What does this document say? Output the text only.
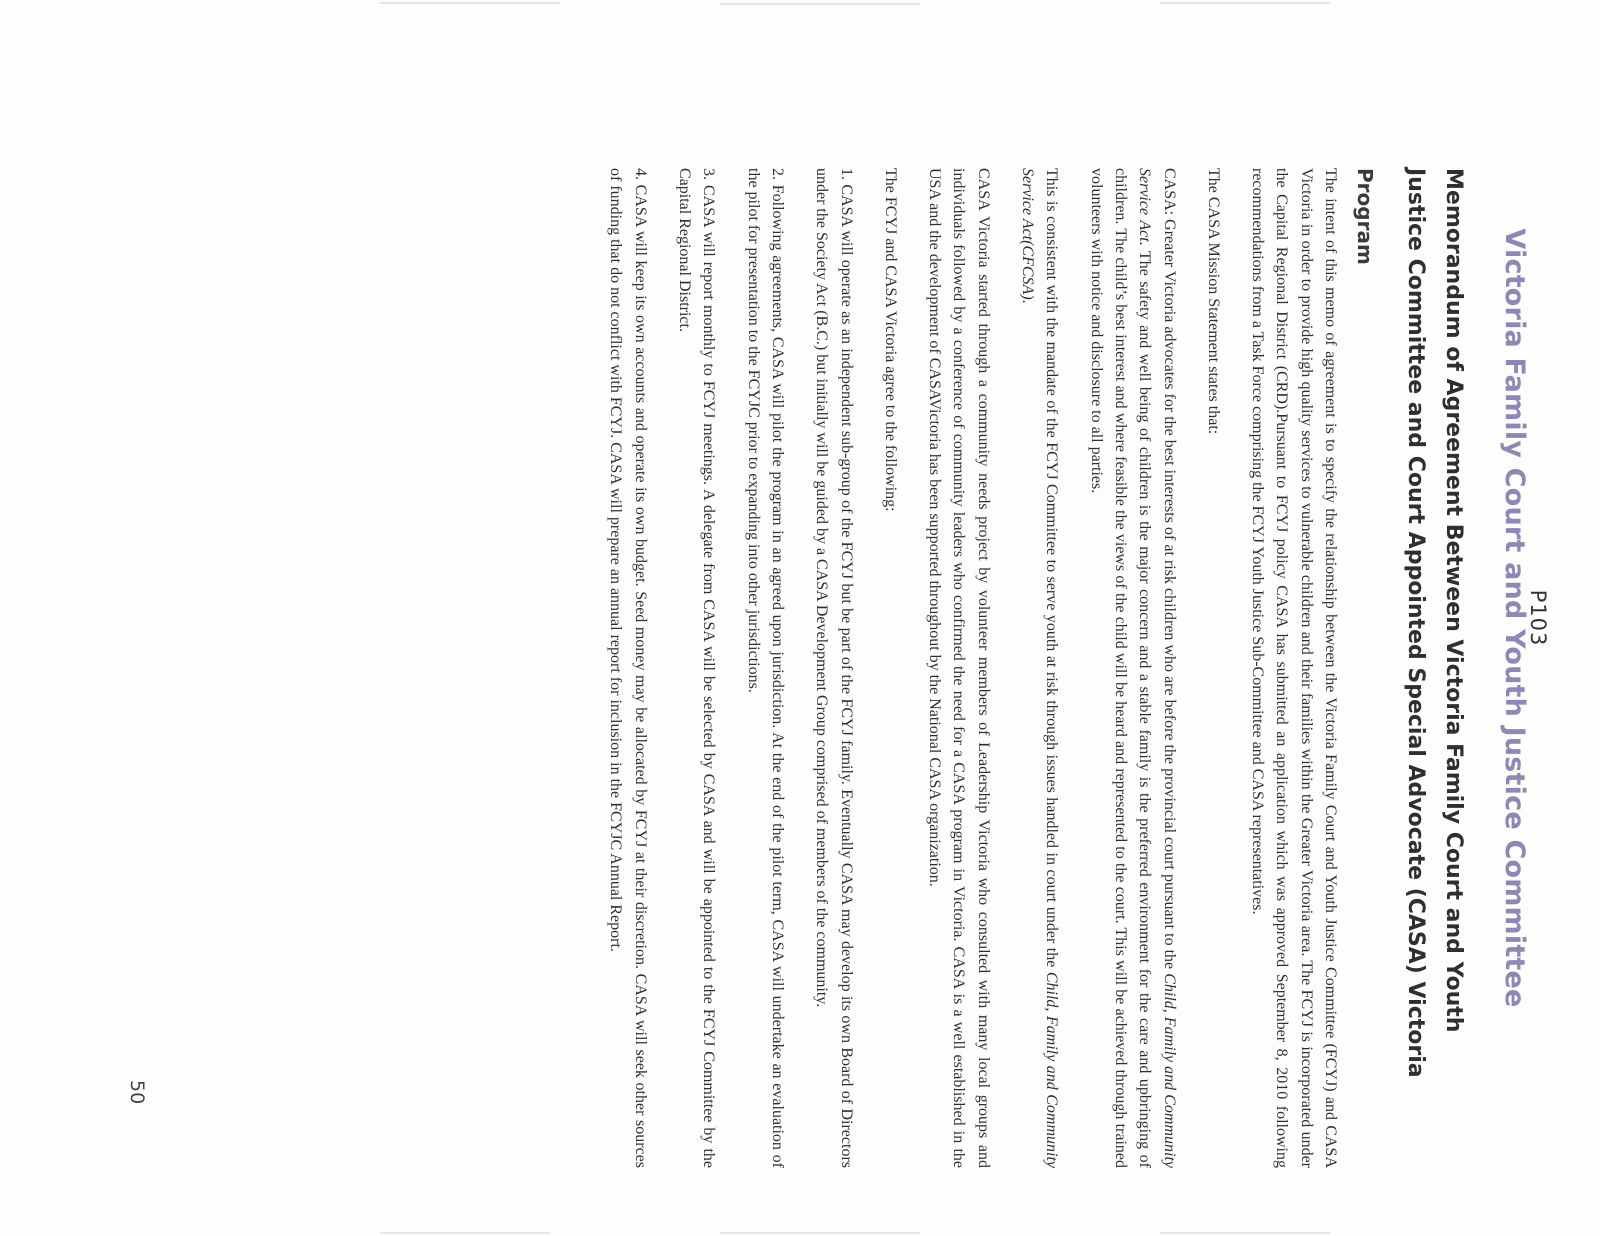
P103
Victoria Family Court and Youth Justice Committee
Memorandum of Agreement Between Victoria Family Court and Youth Justice Committee and Court Appointed Special Advocate (CASA) Victoria
Program

The intent of this memo of agreement is to specify the relationship between the Victoria Family Court and Youth Justice Committee (FCYJ) and CASA Victoria in order to provide high quality services to vulnerable children and their families within the Greater Victoria area. The FCYJ is incorporated under the Capital Regional District (CRD).Pursuant to FCYJ policy CASA has submitted an application which was approved September 8, 2010 following recommendations from a Task Force comprising the FCYJ Youth Justice Sub-Committee and CASA representatives.

The CASA Mission Statement states that:

CASA: Greater Victoria advocates for the best interests of at risk children who are before the provincial court pursuant to the Child, Family and Community Service Act. The safety and well being of children is the major concern and a stable family is the preferred environment for the care and upbringing of children. The child’s best interest and where feasible the views of the child will be heard and represented to the court. This will be achieved through trained volunteers with notice and disclosure to all parties.

This is consistent with the mandate of the FCYJ Committee to serve youth at risk through issues handled in court under the Child, Family and Community Service Act(CFCSA).

CASA Victoria started through a community needs project by volunteer members of Leadership Victoria who consulted with many local groups and individuals followed by a conference of community leaders who confirmed the need for a CASA program in Victoria. CASA is a well established in the USA and the development of CASAVictoria has been supported throughout by the National CASA organization.

The FCYJ and CASA Victoria agree to the following:

1. CASA will operate as an independent sub-group of the FCYJ but be part of the FCYJ family. Eventually CASA may develop its own Board of Directors under the Society Act (B.C.) but initially will be guided by a CASA Development Group comprised of members of the community.

2. Following agreements, CASA will pilot the program in an agreed upon jurisdiction. At the end of the pilot term, CASA will undertake an evaluation of the pilot for presentation to the FCYJC prior to expanding into other jurisdictions.

3. CASA will report monthly to FCYJ meetings. A delegate from CASA will be selected by CASA and will be appointed to the FCYJ Committee by the Capital Regional District.

4. CASA will keep its own accounts and operate its own budget. Seed money may be allocated by FCYJ at their discretion. CASA will seek other sources of funding that do not conflict with FCYJ. CASA will prepare an annual report for inclusion in the FCYJC Annual Report.

50
